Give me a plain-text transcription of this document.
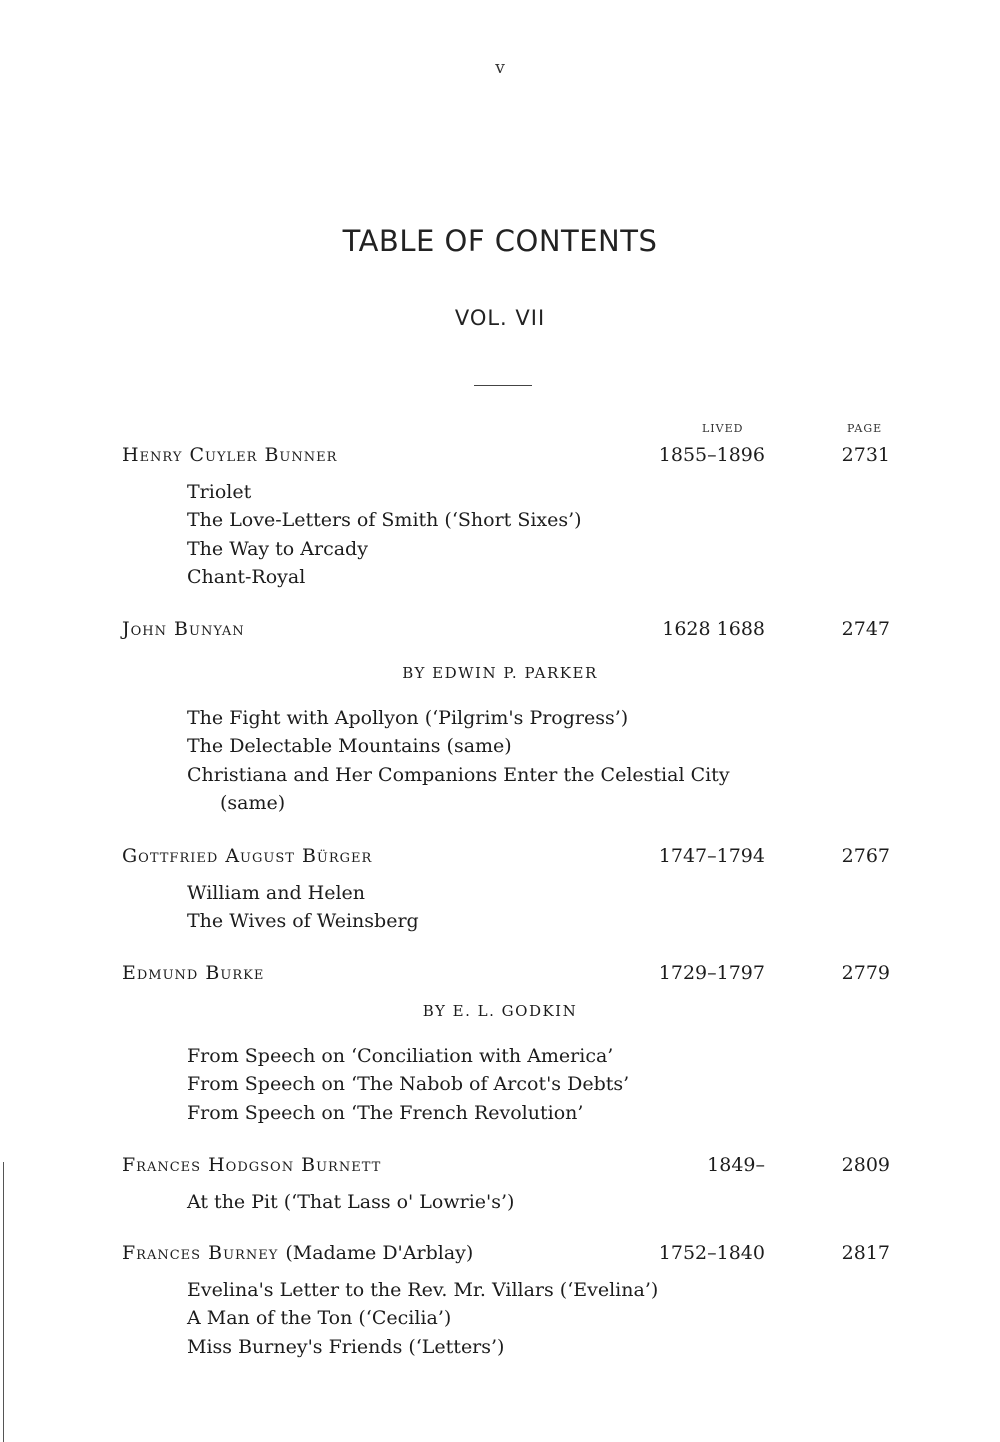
v
TABLE OF CONTENTS
VOL. VII
LIVED	PAGE
Henry Cuyler Bunner	1855–1896	2731
Triolet
The Love-Letters of Smith (‘Short Sixes’)
The Way to Arcady
Chant-Royal
John Bunyan	1628 1688	2747
BY EDWIN P. PARKER
The Fight with Apollyon (‘Pilgrim's Progress’)
The Delectable Mountains (same)
Christiana and Her Companions Enter the Celestial City
(same)
Gottfried August Bürger	1747–1794	2767
William and Helen
The Wives of Weinsberg
Edmund Burke	1729–1797	2779
BY E. L. GODKIN
From Speech on ‘Conciliation with America’
From Speech on ‘The Nabob of Arcot's Debts’
From Speech on ‘The French Revolution’
Frances Hodgson Burnett	1849–	2809
At the Pit (‘That Lass o' Lowrie's’)
Frances Burney (Madame D'Arblay)	1752–1840	2817
Evelina's Letter to the Rev. Mr. Villars (‘Evelina’)
A Man of the Ton (‘Cecilia’)
Miss Burney's Friends (‘Letters’)
